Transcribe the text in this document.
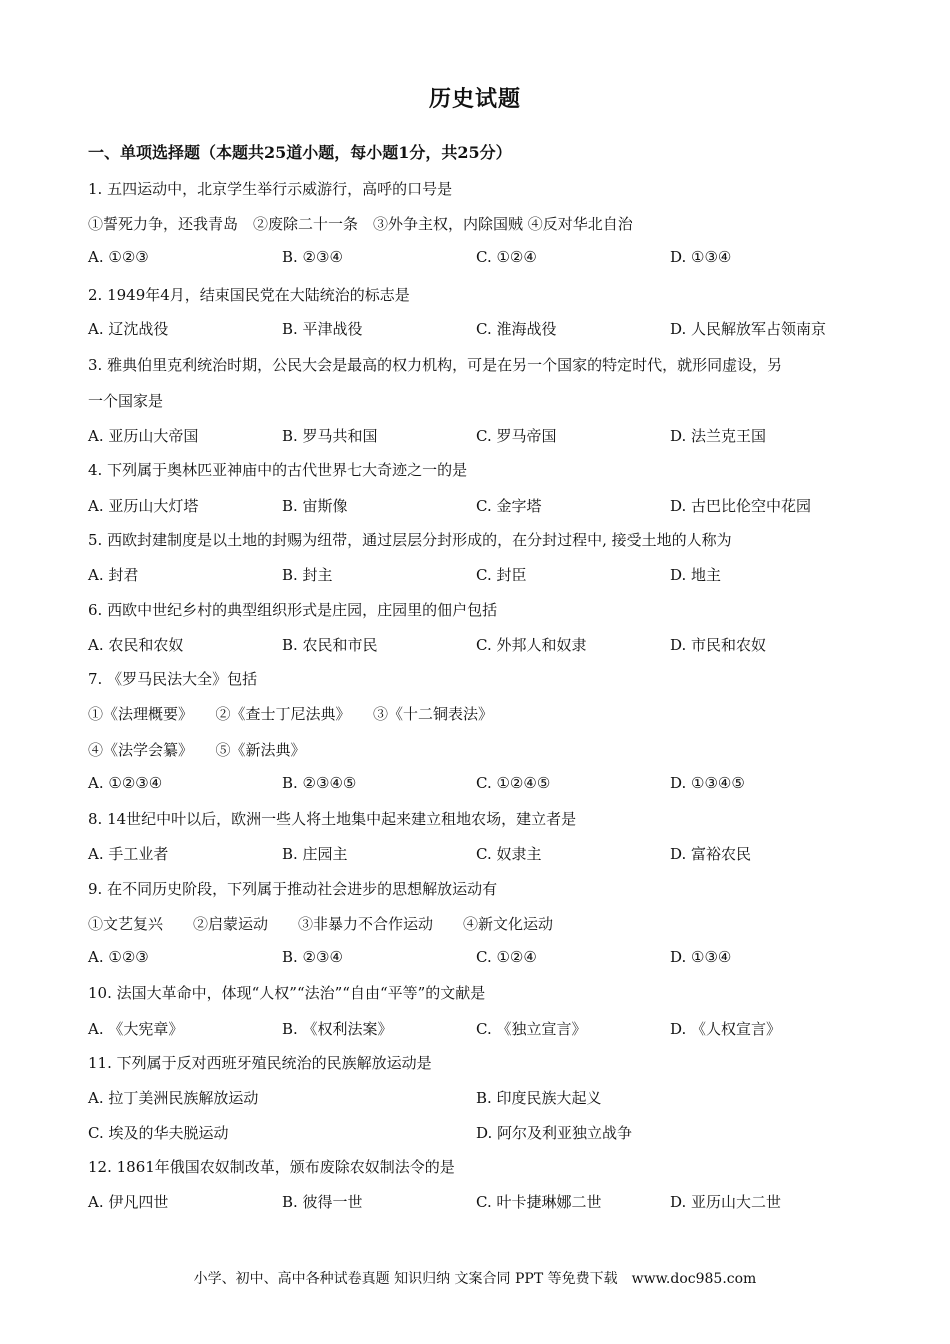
历史试题
一、单项选择题（本题共25道小题，每小题1分，共25分）
1. 五四运动中，北京学生举行示威游行，高呼的口号是
①誓死力争，还我青岛　②废除二十一条　③外争主权，内除国贼 ④反对华北自治
A. ①②③	B. ②③④	C. ①②④	D. ①③④
2. 1949年4月，结束国民党在大陆统治的标志是
A. 辽沈战役	B. 平津战役	C. 淮海战役	D. 人民解放军占领南京
3. 雅典伯里克利统治时期，公民大会是最高的权力机构，可是在另一个国家的特定时代，就形同虚设，另
一个国家是
A. 亚历山大帝国	B. 罗马共和国	C. 罗马帝国	D. 法兰克王国
4. 下列属于奥林匹亚神庙中的古代世界七大奇迹之一的是
A. 亚历山大灯塔	B. 宙斯像	C. 金字塔	D. 古巴比伦空中花园
5. 西欧封建制度是以土地的封赐为纽带，通过层层分封形成的，在分封过程中, 接受土地的人称为
A. 封君	B. 封主	C. 封臣	D. 地主
6. 西欧中世纪乡村的典型组织形式是庄园，庄园里的佃户包括
A. 农民和农奴	B. 农民和市民	C. 外邦人和奴隶	D. 市民和农奴
7. 《罗马民法大全》包括
①《法理概要》　　②《查士丁尼法典》　　③《十二铜表法》
④《法学会纂》　　⑤《新法典》
A. ①②③④	B. ②③④⑤	C. ①②④⑤	D. ①③④⑤
8. 14世纪中叶以后，欧洲一些人将土地集中起来建立租地农场，建立者是
A. 手工业者	B. 庄园主	C. 奴隶主	D. 富裕农民
9. 在不同历史阶段，下列属于推动社会进步的思想解放运动有
①文艺复兴　　②启蒙运动　　③非暴力不合作运动　　④新文化运动
A. ①②③	B. ②③④	C. ①②④	D. ①③④
10. 法国大革命中，体现“人权”“法治”“自由“平等”的文献是
A. 《大宪章》	B. 《权利法案》	C. 《独立宣言》	D. 《人权宣言》
11. 下列属于反对西班牙殖民统治的民族解放运动是
A. 拉丁美洲民族解放运动	B. 印度民族大起义
C. 埃及的华夫脱运动	D. 阿尔及利亚独立战争
12. 1861年俄国农奴制改革，颁布废除农奴制法令的是
A. 伊凡四世	B. 彼得一世	C. 叶卡捷琳娜二世	D. 亚历山大二世
小学、初中、高中各种试卷真题 知识归纳 文案合同 PPT 等免费下载　www.doc985.com
